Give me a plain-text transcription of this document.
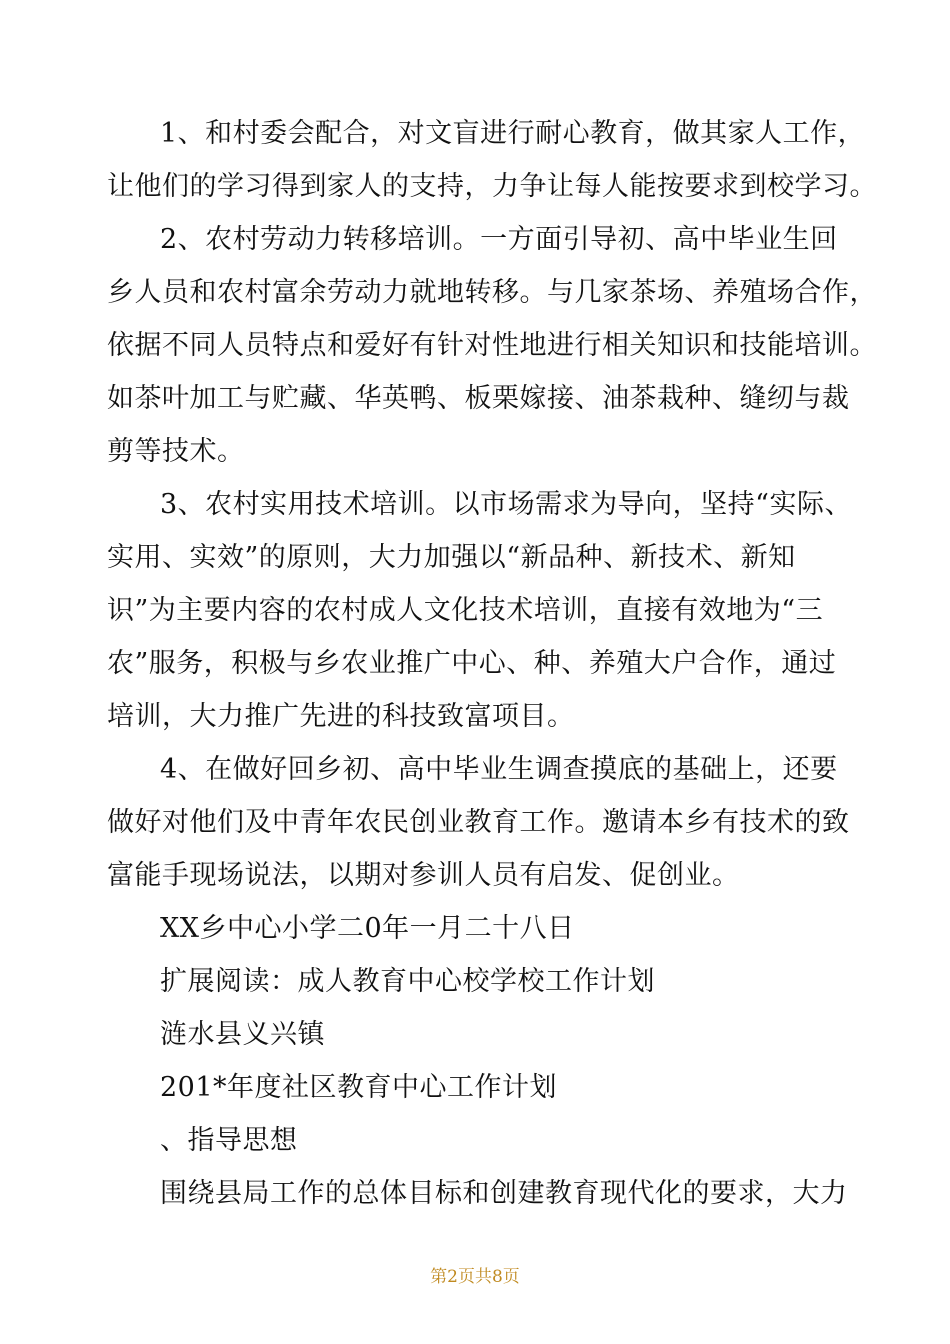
1、和村委会配合，对文盲进行耐心教育，做其家人工作，
让他们的学习得到家人的支持，力争让每人能按要求到校学习。
2、农村劳动力转移培训。一方面引导初、高中毕业生回
乡人员和农村富余劳动力就地转移。与几家茶场、养殖场合作，
依据不同人员特点和爱好有针对性地进行相关知识和技能培训。
如茶叶加工与贮藏、华英鸭、板栗嫁接、油茶栽种、缝纫与裁
剪等技术。
3、农村实用技术培训。以市场需求为导向，坚持“实际、
实用、实效”的原则，大力加强以“新品种、新技术、新知
识”为主要内容的农村成人文化技术培训，直接有效地为“三
农”服务，积极与乡农业推广中心、种、养殖大户合作，通过
培训，大力推广先进的科技致富项目。
4、在做好回乡初、高中毕业生调查摸底的基础上，还要
做好对他们及中青年农民创业教育工作。邀请本乡有技术的致
富能手现场说法，以期对参训人员有启发、促创业。
XX乡中心小学二0年一月二十八日
扩展阅读：成人教育中心校学校工作计划
涟水县义兴镇
201*年度社区教育中心工作计划
、指导思想
围绕县局工作的总体目标和创建教育现代化的要求，大力
第2页共8页
